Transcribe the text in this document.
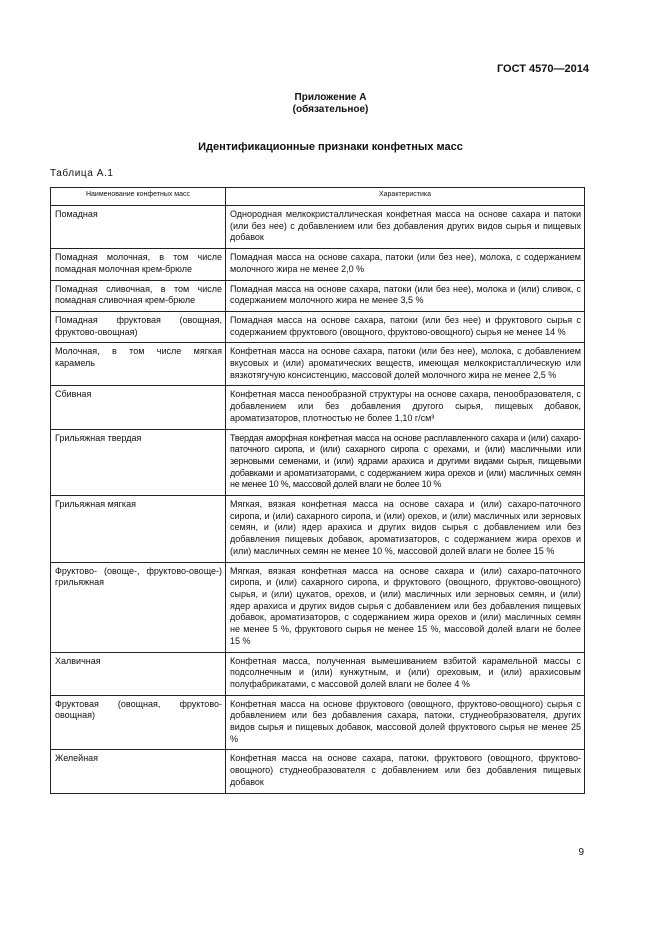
ГОСТ 4570—2014
Приложение А
(обязательное)
Идентификационные признаки конфетных масс
Таблица А.1
Наименование конфетных масс	Характеристика
Помадная	Однородная мелкокристаллическая конфетная масса на основе сахара и патоки (или без нее) с добавлением или без добавления других видов сырья и пищевых добавок
Помадная молочная, в том числе помадная молочная крем-брюле	Помадная масса на основе сахара, патоки (или без нее), молока, с содержанием молочного жира не менее 2,0 %
Помадная сливочная, в том числе помадная сливочная крем-брюле	Помадная масса на основе сахара, патоки (или без нее), молока и (или) сливок, с содержанием молочного жира не менее 3,5 %
Помадная фруктовая (овощная, фруктово-овощная)	Помадная масса на основе сахара, патоки (или без нее) и фруктового сырья с содержанием фруктового (овощного, фруктово-овощного) сырья не менее 14 %
Молочная, в том числе мягкая карамель	Конфетная масса на основе сахара, патоки (или без нее), молока, с добавлением вкусовых и (или) ароматических веществ, имеющая мелкокристаллическую или вязкотягучую консистенцию, массовой долей молочного жира не менее 2,5 %
Сбивная	Конфетная масса пенообразной структуры на основе сахара, пенообразователя, с добавлением или без добавления другого сырья, пищевых добавок, ароматизаторов, плотностью не более 1,10 г/см³
Грильяжная твердая	Твердая аморфная конфетная масса на основе расплавленного сахара и (или) сахаро-паточного сиропа, и (или) сахарного сиропа с орехами, и (или) масличными или зерновыми семенами, и (или) ядрами арахиса и другими видами сырья, пищевыми добавками и ароматизаторами, с содержанием жира орехов и (или) масличных семян не менее 10 %, массовой долей влаги не более 10 %
Грильяжная мягкая	Мягкая, вязкая конфетная масса на основе сахара и (или) сахаро-паточного сиропа, и (или) сахарного сиропа, и (или) орехов, и (или) масличных или зерновых семян, и (или) ядер арахиса и других видов сырья с добавлением или без добавления пищевых добавок, ароматизаторов, с содержанием жира орехов и (или) масличных семян не менее 10 %, массовой долей влаги не более 15 %
Фруктово- (овоще-, фруктово-овоще-) грильяжная	Мягкая, вязкая конфетная масса на основе сахара и (или) сахаро-паточного сиропа, и (или) сахарного сиропа, и фруктового (овощного, фруктово-овощного) сырья, и (или) цукатов, орехов, и (или) масличных или зерновых семян, и (или) ядер арахиса и других видов сырья с добавлением или без добавления пищевых добавок, ароматизаторов, с содержанием жира орехов и (или) масличных семян не менее 5 %, фруктового сырья не менее 15 %, массовой долей влаги не более 15 %
Халвичная	Конфетная масса, полученная вымешиванием взбитой карамельной массы с подсолнечным и (или) кунжутным, и (или) ореховым, и (или) арахисовым полуфабрикатами, с массовой долей влаги не более 4 %
Фруктовая (овощная, фруктово-овощная)	Конфетная масса на основе фруктового (овощного, фруктово-овощного) сырья с добавлением или без добавления сахара, патоки, студнеобразователя, других видов сырья и пищевых добавок, массовой долей фруктового сырья не менее 25 %
Желейная	Конфетная масса на основе сахара, патоки, фруктового (овощного, фруктово-овощного) студнеобразователя с добавлением или без добавления пищевых добавок
9
